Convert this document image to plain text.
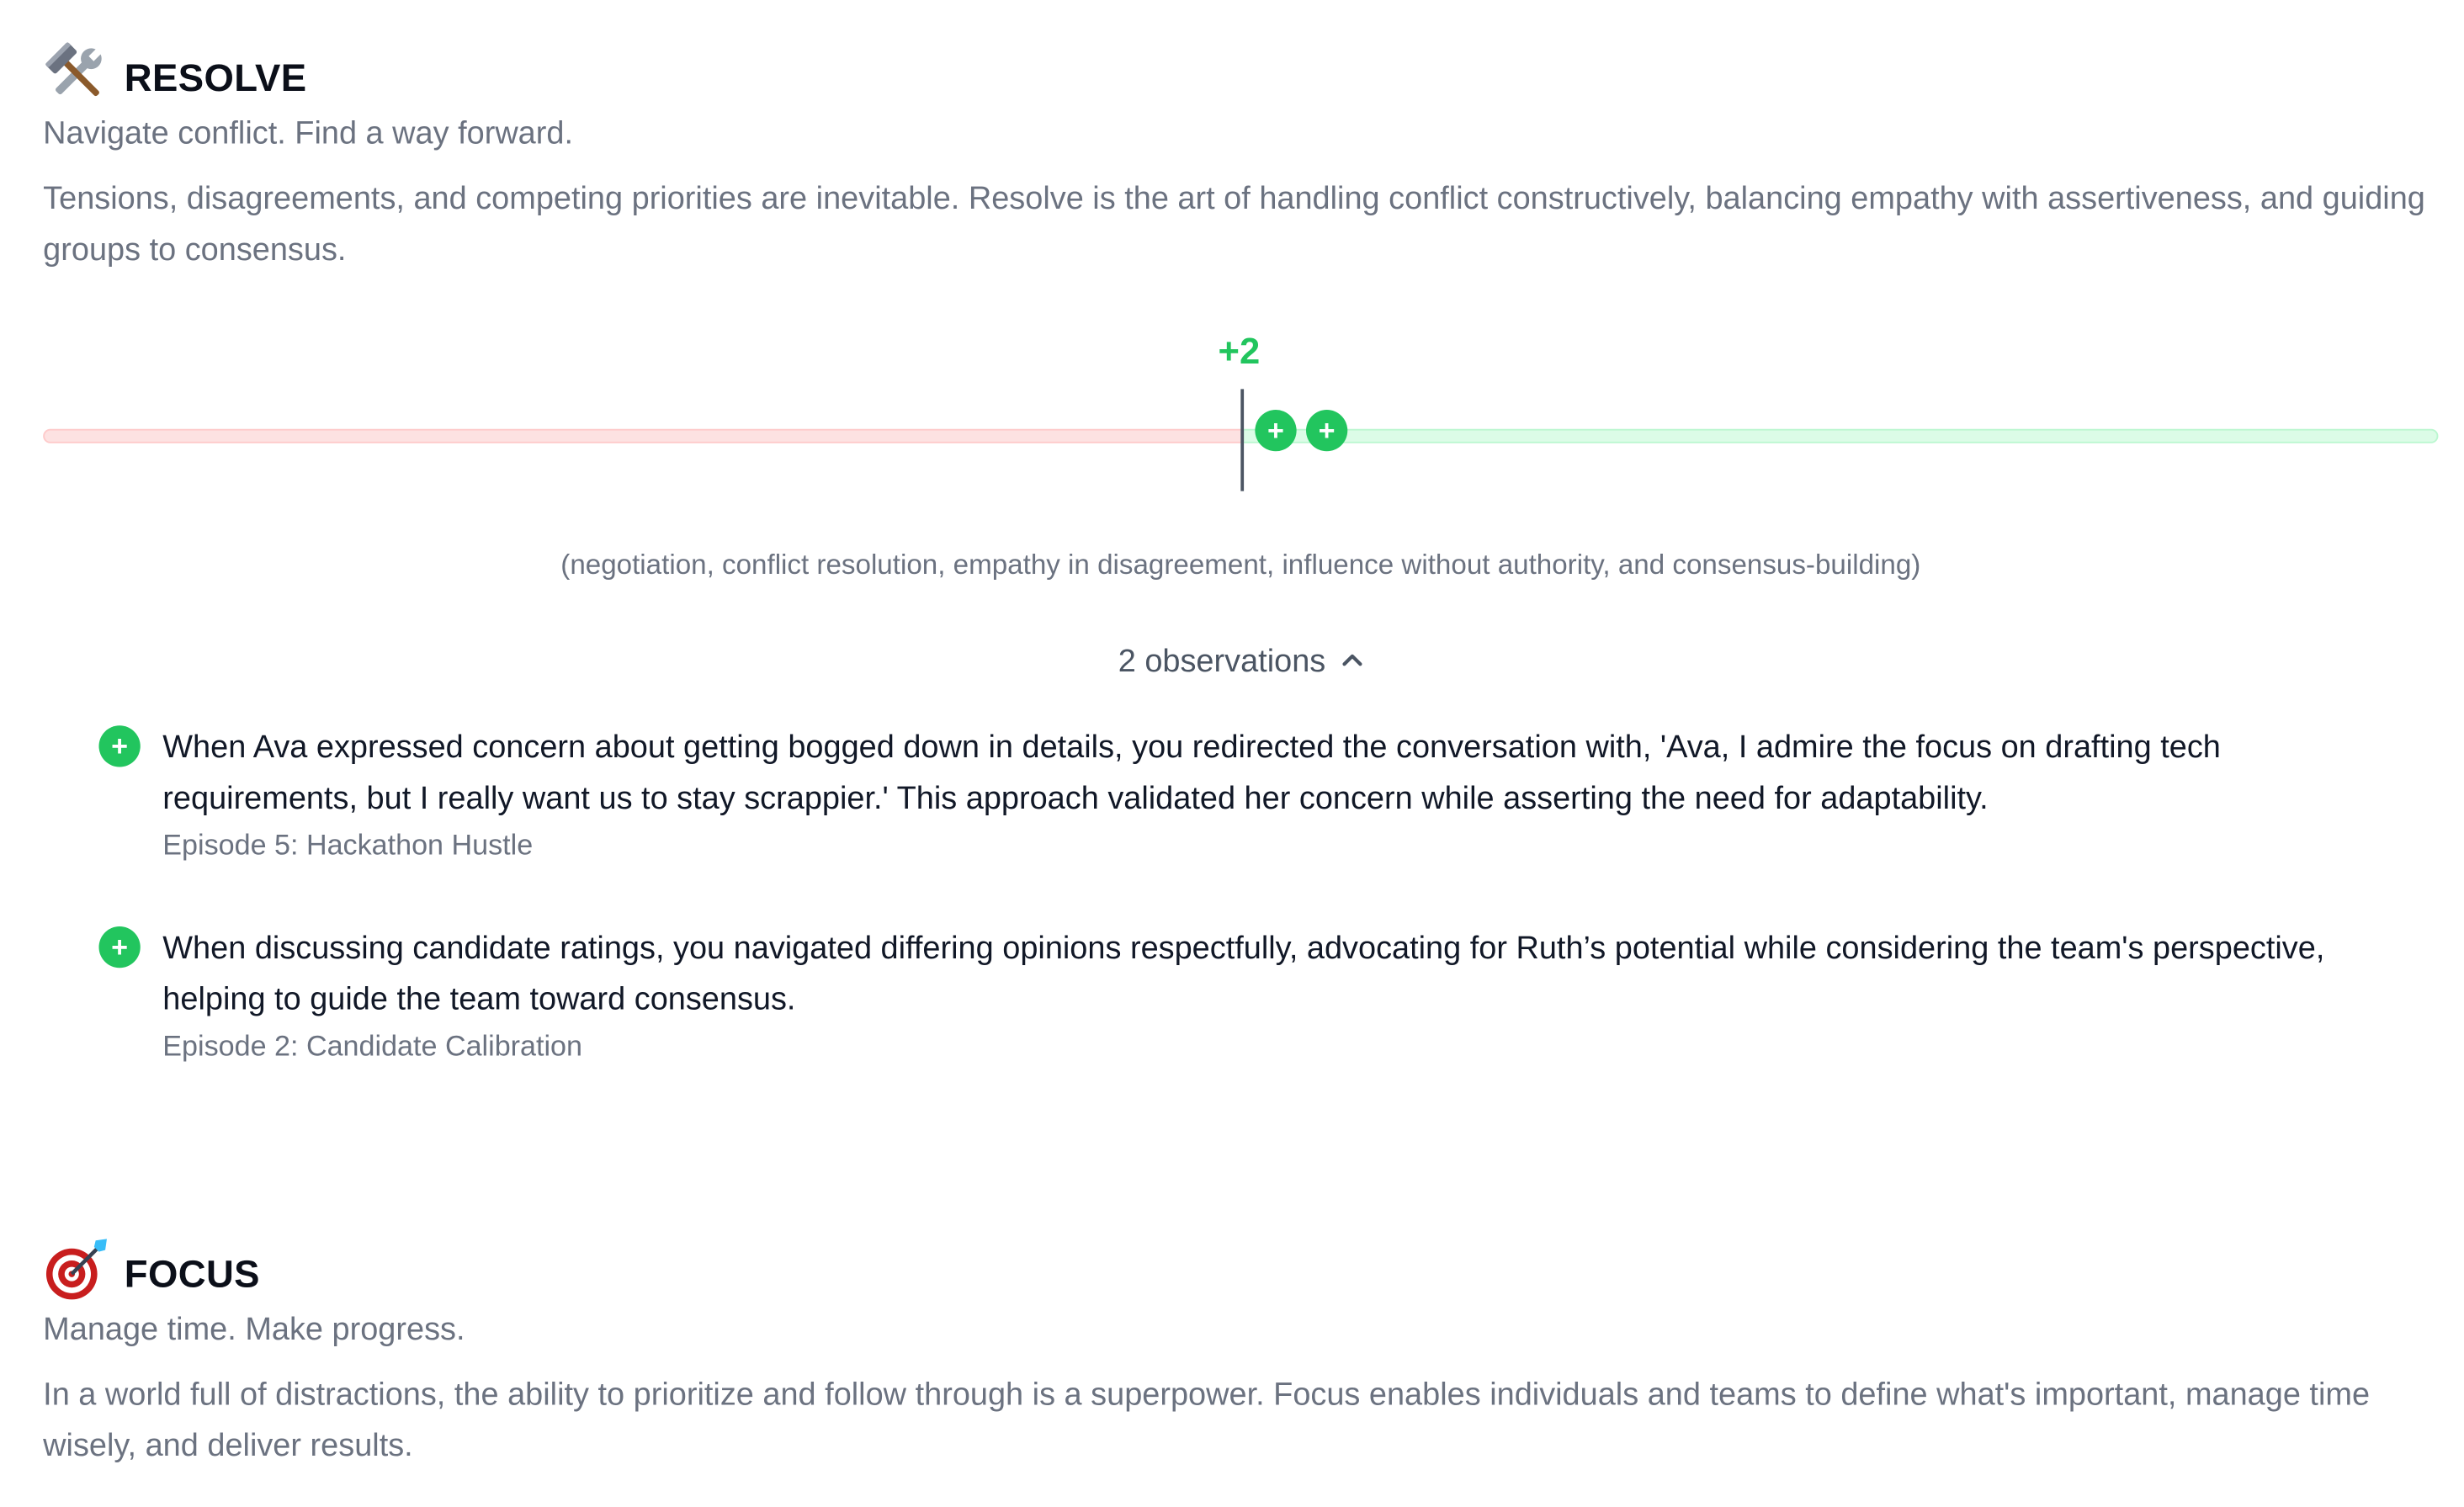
RESOLVE
Navigate conflict. Find a way forward.
Tensions, disagreements, and competing priorities are inevitable. Resolve is the art of handling conflict constructively, balancing empathy with assertiveness, and guiding groups to consensus.
+2
+	+
(negotiation, conflict resolution, empathy in disagreement, influence without authority, and consensus-building)
2 observations
+	When Ava expressed concern about getting bogged down in details, you redirected the conversation with, 'Ava, I admire the focus on drafting tech requirements, but I really want us to stay scrappier.' This approach validated her concern while asserting the need for adaptability.
Episode 5: Hackathon Hustle
+	When discussing candidate ratings, you navigated differing opinions respectfully, advocating for Ruth’s potential while considering the team's perspective, helping to guide the team toward consensus.
Episode 2: Candidate Calibration
FOCUS
Manage time. Make progress.
In a world full of distractions, the ability to prioritize and follow through is a superpower. Focus enables individuals and teams to define what's important, manage time wisely, and deliver results.
